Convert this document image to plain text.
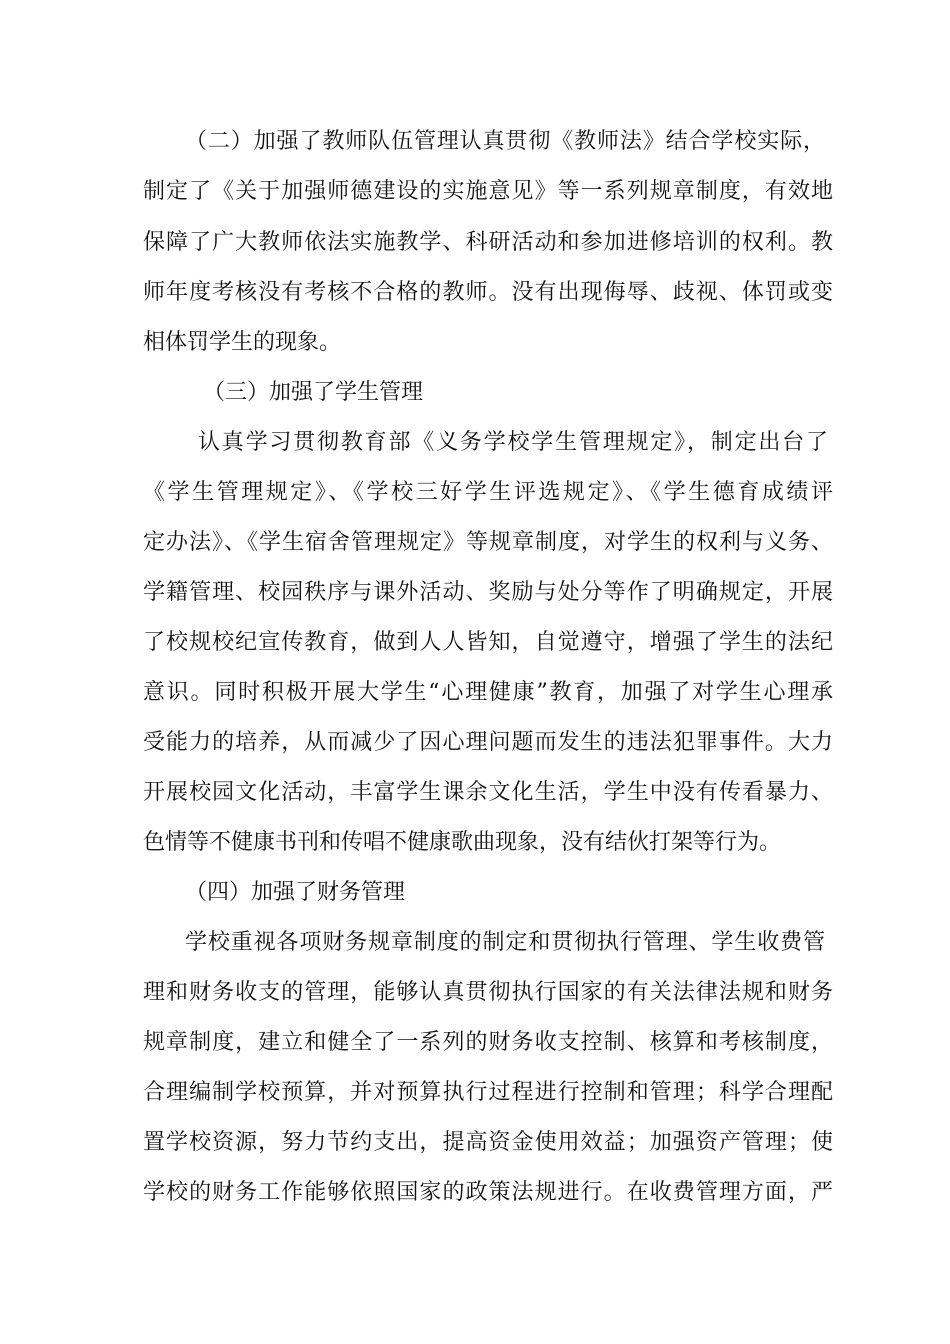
（二）加强了教师队伍管理认真贯彻《教师法》结合学校实际，
制定了《关于加强师德建设的实施意见》等一系列规章制度，有效地
保障了广大教师依法实施教学、科研活动和参加进修培训的权利。教
师年度考核没有考核不合格的教师。没有出现侮辱、歧视、体罚或变
相体罚学生的现象。
（三）加强了学生管理
认真学习贯彻教育部《义务学校学生管理规定》，制定出台了
《学生管理规定》、《学校三好学生评选规定》、《学生德育成绩评
定办法》、《学生宿舍管理规定》等规章制度，对学生的权利与义务、
学籍管理、校园秩序与课外活动、奖励与处分等作了明确规定，开展
了校规校纪宣传教育，做到人人皆知，自觉遵守，增强了学生的法纪
意识。同时积极开展大学生“心理健康”教育，加强了对学生心理承
受能力的培养，从而减少了因心理问题而发生的违法犯罪事件。大力
开展校园文化活动，丰富学生课余文化生活，学生中没有传看暴力、
色情等不健康书刊和传唱不健康歌曲现象，没有结伙打架等行为。
（四）加强了财务管理
学校重视各项财务规章制度的制定和贯彻执行管理、学生收费管
理和财务收支的管理，能够认真贯彻执行国家的有关法律法规和财务
规章制度，建立和健全了一系列的财务收支控制、核算和考核制度，
合理编制学校预算，并对预算执行过程进行控制和管理；科学合理配
置学校资源，努力节约支出，提高资金使用效益；加强资产管理；使
学校的财务工作能够依照国家的政策法规进行。在收费管理方面，严
